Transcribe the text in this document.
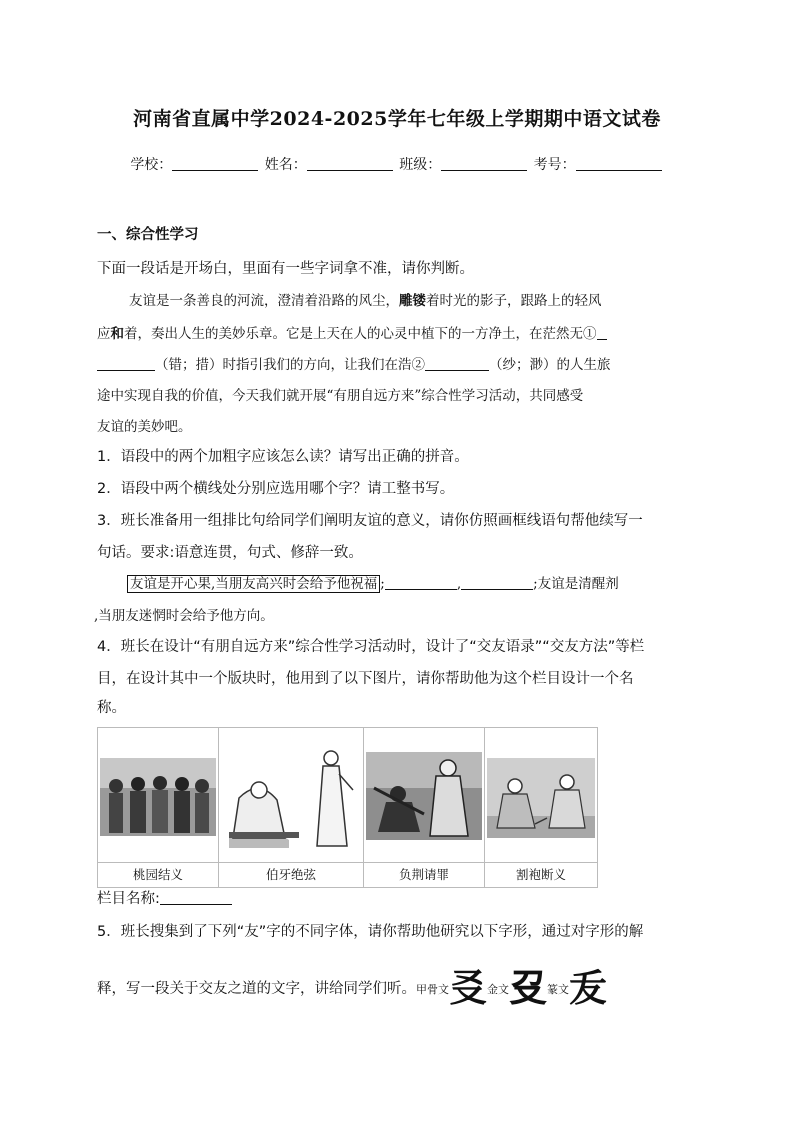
河南省直属中学2024-2025学年七年级上学期期中语文试卷
学校：	姓名：	班级：	考号：
一、综合性学习
下面一段话是开场白，里面有一些字词拿不准，请你判断。
友谊是一条善良的河流，澄清着沿路的风尘，雕镂着时光的影子，跟路上的轻风
应和着，奏出人生的美妙乐章。它是上天在人的心灵中植下的一方净土，在茫然无①
（错；措）时指引我们的方向，让我们在浩②	（纱；渺）的人生旅
途中实现自我的价值，今天我们就开展“有朋自远方来”综合性学习活动，共同感受
友谊的美妙吧。
1．语段中的两个加粗字应该怎么读？请写出正确的拼音。
2．语段中两个横线处分别应选用哪个字？请工整书写。
3．班长准备用一组排比句给同学们阐明友谊的意义，请你仿照画框线语句帮他续写一
句话。要求:语意连贯，句式、修辞一致。
友谊是开心果,当朋友高兴时会给予他祝福 ;	,	;友谊是清醒剂
,当朋友迷惘时会给予他方向。
4．班长在设计“有朋自远方来”综合性学习活动时，设计了“交友语录”“交友方法”等栏
目，在设计其中一个版块时，他用到了以下图片，请你帮助他为这个栏目设计一个名
称。
桃园结义	伯牙绝弦	负荆请罪	割袍断义
栏目名称:
5．班长搜集到了下列“友”字的不同字体，请你帮助他研究以下字形，通过对字形的解
释，写一段关于交友之道的文字，讲给同学们听。甲骨文㕛金文𠬛篆文叐
